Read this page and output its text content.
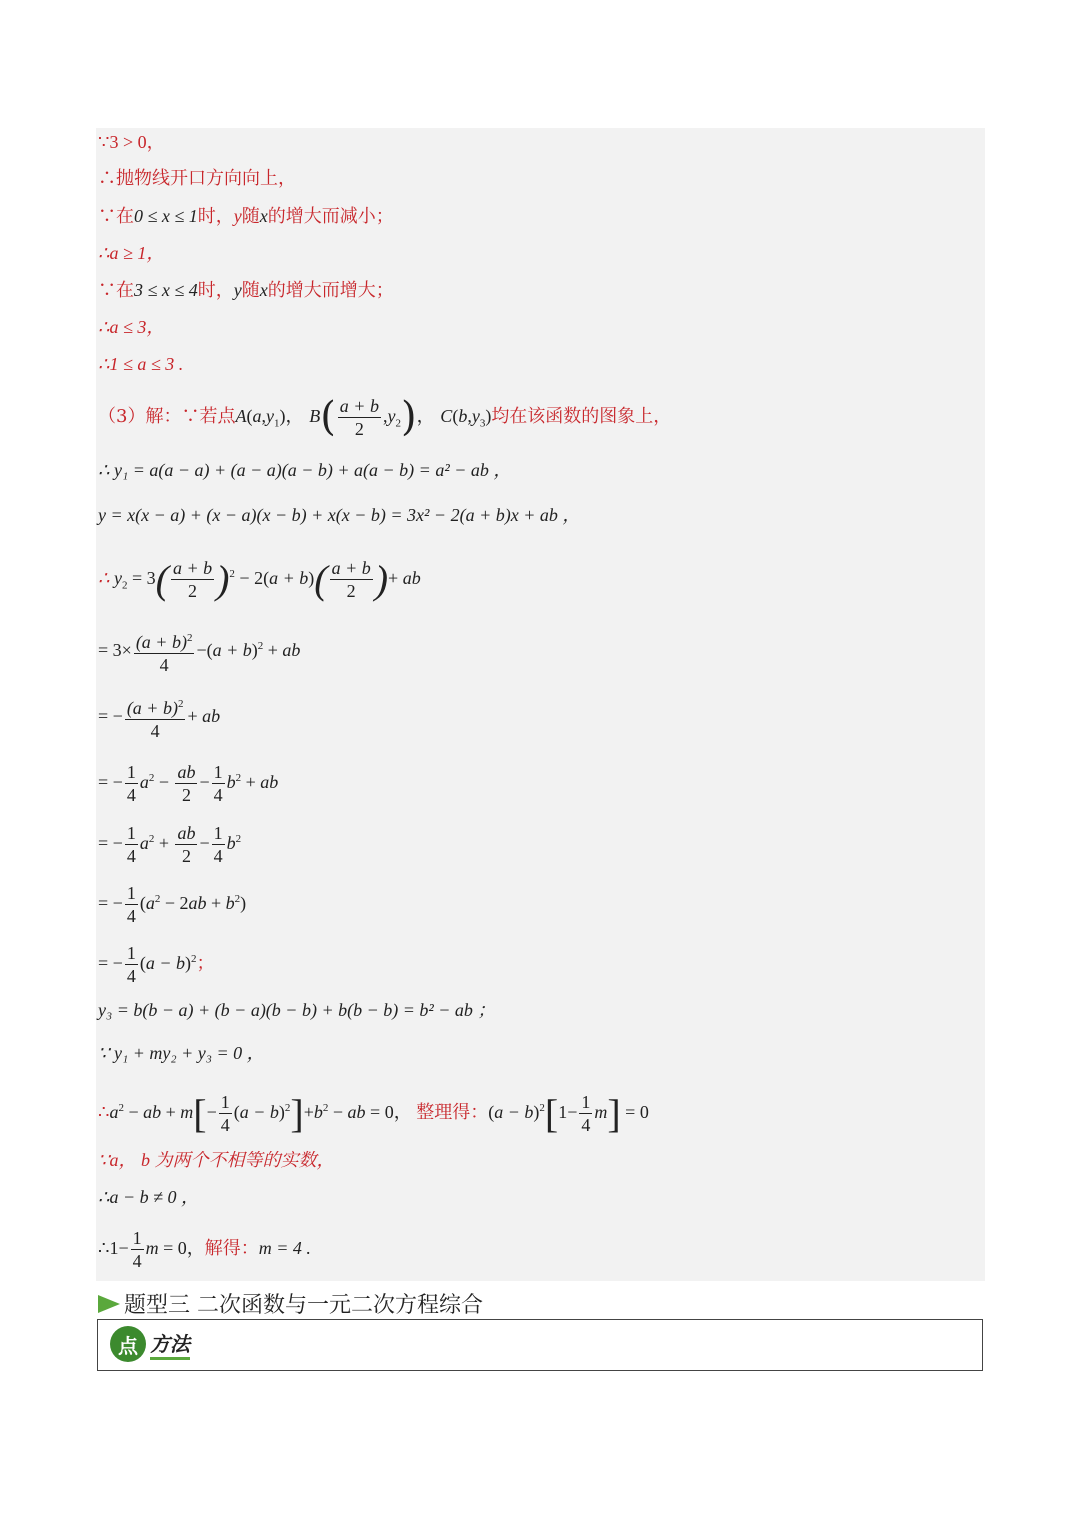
∵3 > 0，
∴抛物线开口方向向上，
∵在0 ≤ x ≤ 1时，y随x的增大而减小；
∴a ≥ 1，
∵在3 ≤ x ≤ 4时，y随x的增大而增大；
∴a ≤ 3，
∴1 ≤ a ≤ 3 .
（3）解：∵若点$A(a,y_1)$， $B( \frac{a + b}{2} ,y_2)$， $C(b,y_3)$均在该函数的图象上，
∴ y₁ = a(a − a) + (a − a)(a − b) + a(a − b) = a² − ab ，
y = x(x − a) + (x − a)(x − b) + x(x − b) = 3x² − 2(a + b)x + ab ，
∴ $y_2 = 3( \frac{a + b}{2} )^2 - 2(a + b)( \frac{a + b}{2}$ )+ ab
= $3\times \frac{(a + b)^2}{4} -(a + b)^2$ + ab
= − $\frac{(a + b)^2}{4}$ + ab
= − $\frac{1}{4} a^2 - \frac{ab}{2} - \frac{1}{4} b^2$ + ab
= − $\frac{1}{4} a^2 + \frac{ab}{2} - \frac{1}{4} b^2$
= − $\frac{1}{4} (a^2 - 2ab + b^2)$
= − $\frac{1}{4} (a - b)^2$；
y₃ = b(b − a) + (b − a)(b − b) + b(b − b) = b² − ab ；
∵ y₁ + my₂ + y₃ = 0 ，
$\therefore a^2$ − ab + $m[- \frac{1}{4} (a - b)^2]+b^2$ − ab = 0， 整理得：$(a - b)^2[1- \frac{1}{4} m] = 0$
∵a， b 为两个不相等的实数，
∴a − b ≠ 0 ，
∴1− $\frac{1}{4}$ m = 0，解得：m = 4 .
题型三 二次函数与一元二次方程综合
点 方法
